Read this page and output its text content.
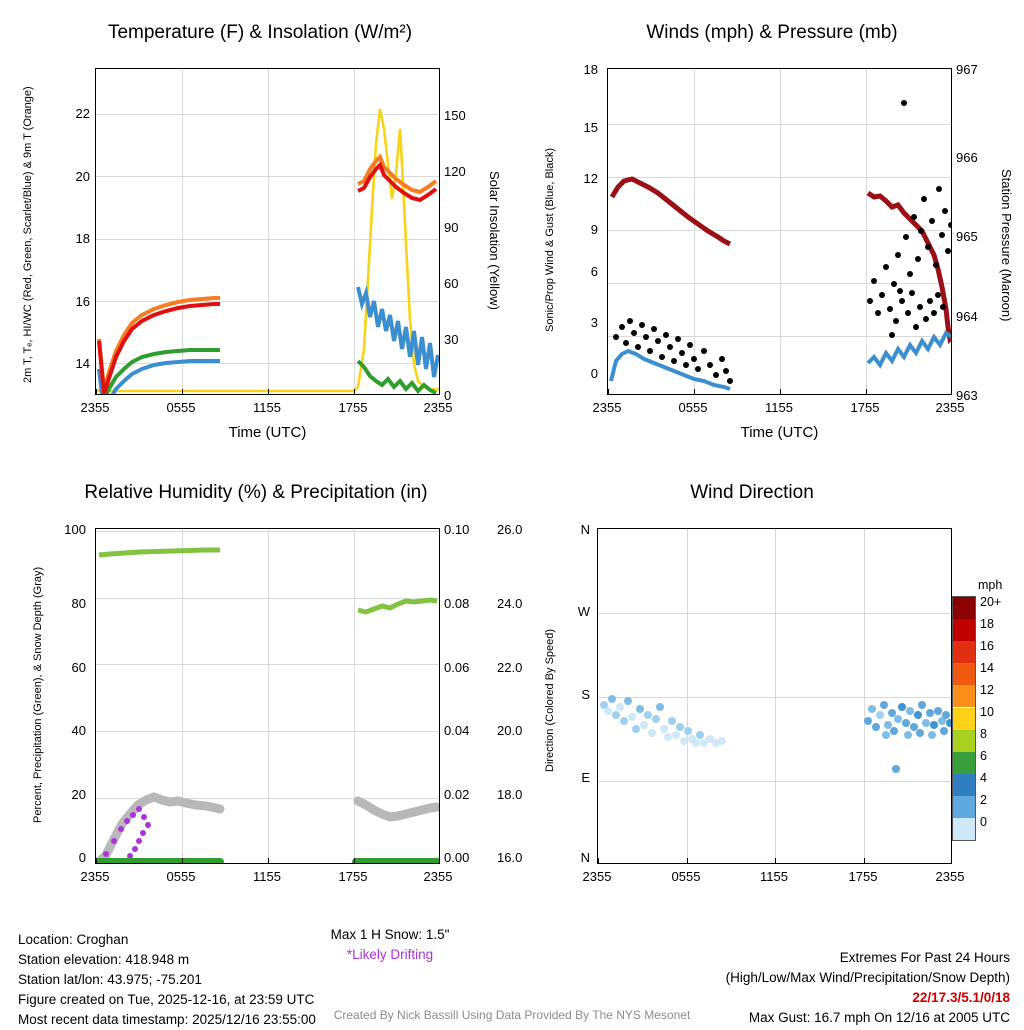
Temperature (F) & Insolation (W/m²)
2m T, Tₑ, HI/WC (Red, Green, Scarlet/Blue) & 9m T (Orange)	Solar Insolation (Yellow)
14
16
18
20
22
0
30
60
90
120
150
2355	0555	1155	1755	2355
Time (UTC)
Winds (mph) & Pressure (mb)
Sonic/Prop Wind & Gust (Blue, Black)	Station Pressure (Maroon)
0
3
6
9
12
15
18
963
964
965
966
967
2355	0555	1155	1755	2355
Time (UTC)
Relative Humidity (%) & Precipitation (in)
Percent, Precipitation (Green), & Snow Depth (Gray)
0
20
40
60
80
100
0.00
0.02
0.04
0.06
0.08
0.10
16.0
18.0
20.0
22.0
24.0
26.0
2355	0555	1155	1755	2355
Wind Direction
Direction (Colored By Speed)
N
W
S
E
N
2355	0555	1155	1755	2355
mph
20+
18
16
14
12
10
8
6
4
2
0
Max 1 H Snow: 1.5"
*Likely Drifting
Location: Croghan
Station elevation: 418.948 m
Station lat/lon: 43.975; -75.201
Figure created on Tue, 2025-12-16, at 23:59 UTC
Most recent data timestamp: 2025/12/16 23:55:00
Extremes For Past 24 Hours
(High/Low/Max Wind/Precipitation/Snow Depth)
22/17.3/5.1/0/18
Max Gust: 16.7 mph On 12/16 at 2005 UTC
Created By Nick Bassill Using Data Provided By The NYS Mesonet
